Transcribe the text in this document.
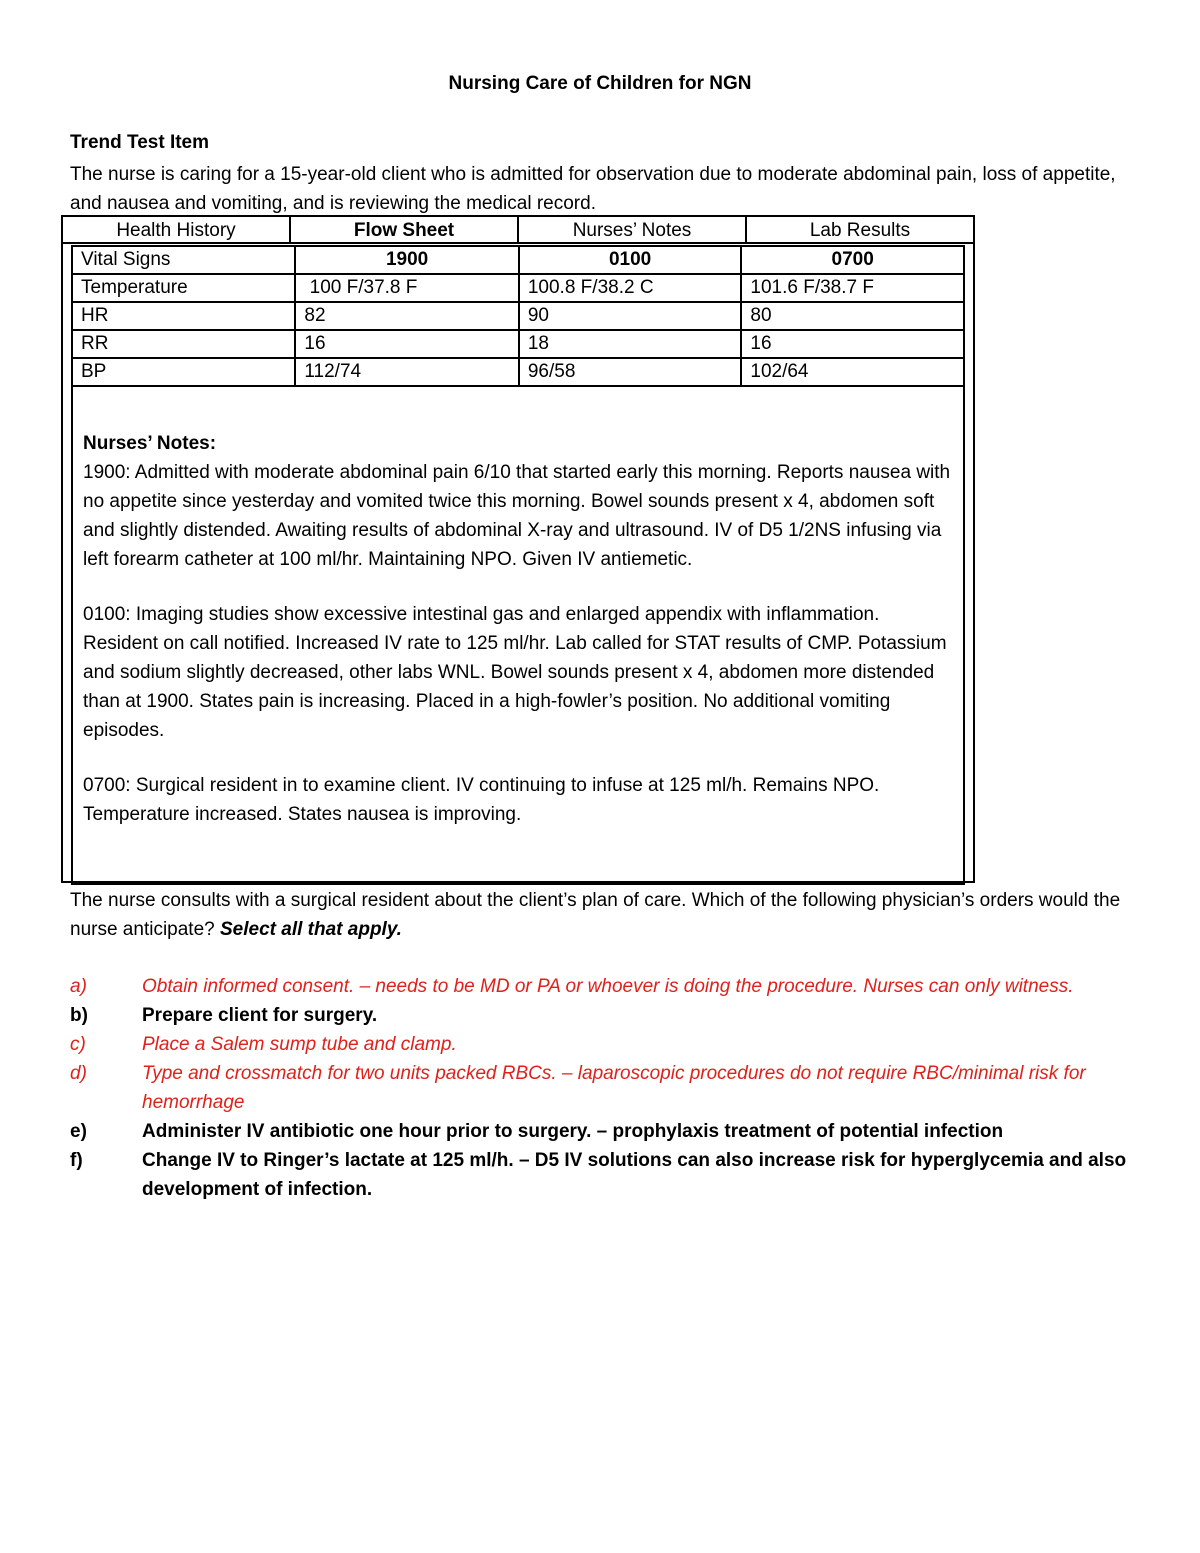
Nursing Care of Children for NGN
Trend Test Item
The nurse is caring for a 15-year-old client who is admitted for observation due to moderate abdominal pain, loss of appetite, and nausea and vomiting, and is reviewing the medical record.
Health History	Flow Sheet	Nurses’ Notes	Lab Results
Vital Signs	1900	0100	0700
Temperature	100 F/37.8 F	100.8 F/38.2 C	101.6 F/38.7 F
HR	82	90	80
RR	16	18	16
BP	112/74	96/58	102/64
Nurses’ Notes:

1900: Admitted with moderate abdominal pain 6/10 that started early this morning. Reports nausea with no appetite since yesterday and vomited twice this morning. Bowel sounds present x 4, abdomen soft and slightly distended. Awaiting results of abdominal X-ray and ultrasound. IV of D5 1/2NS infusing via left forearm catheter at 100 ml/hr. Maintaining NPO. Given IV antiemetic.

0100: Imaging studies show excessive intestinal gas and enlarged appendix with inflammation. Resident on call notified. Increased IV rate to 125 ml/hr. Lab called for STAT results of CMP. Potassium and sodium slightly decreased, other labs WNL. Bowel sounds present x 4, abdomen more distended than at 1900. States pain is increasing. Placed in a high-fowler’s position. No additional vomiting episodes.

0700: Surgical resident in to examine client. IV continuing to infuse at 125 ml/h. Remains NPO. Temperature increased. States nausea is improving.

The nurse consults with a surgical resident about the client’s plan of care. Which of the following physician’s orders would the nurse anticipate? Select all that apply.
a)	Obtain informed consent. – needs to be MD or PA or whoever is doing the procedure. Nurses can only witness.
b)	Prepare client for surgery.
c)	Place a Salem sump tube and clamp.
d)	Type and crossmatch for two units packed RBCs. – laparoscopic procedures do not require RBC/minimal risk for hemorrhage
e)	Administer IV antibiotic one hour prior to surgery. – prophylaxis treatment of potential infection
f)	Change IV to Ringer’s lactate at 125 ml/h. – D5 IV solutions can also increase risk for hyperglycemia and also development of infection.
